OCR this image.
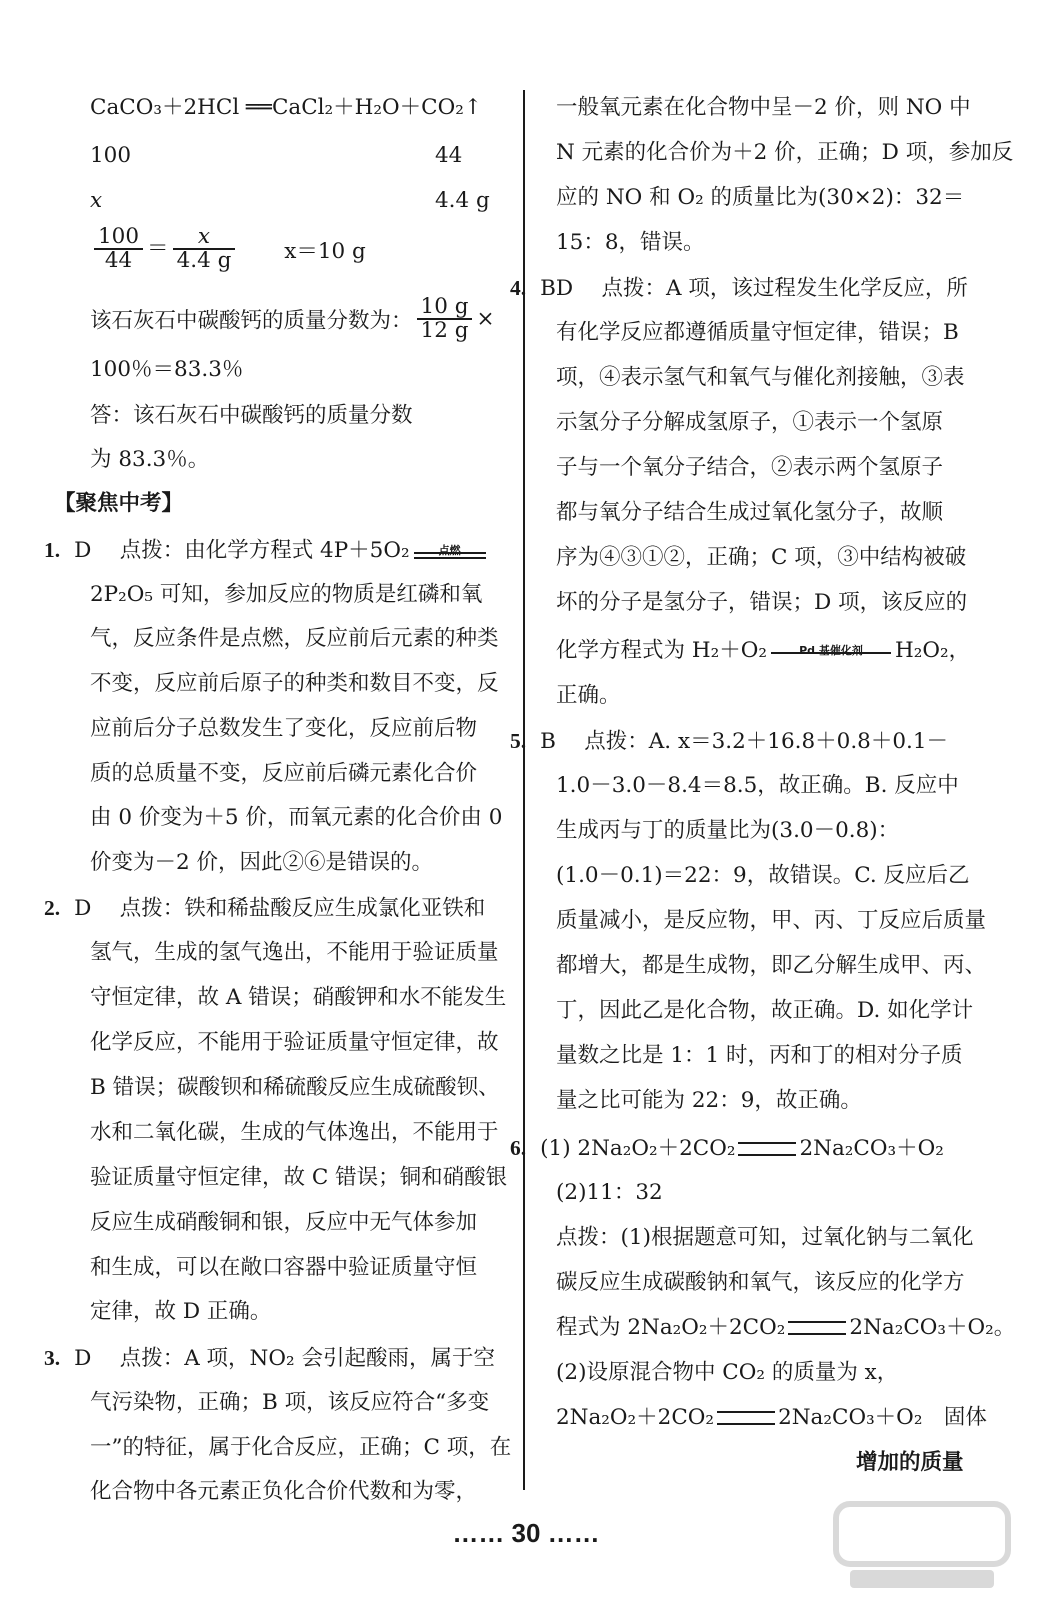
CaCO₃＋2HCl ══CaCl₂＋H₂O＋CO₂↑
100	44
x	4.4 g
$\frac{100}{44} = \frac{x}{4.4 g} x=10$ g
该石灰石中碳酸钙的质量分数为： $\frac{10 g}{12 g}$ ×
100％＝83.3％
答：该石灰石中碳酸钙的质量分数
为 83.3％。
【聚焦中考】
1. D　 点拨：由化学方程式 4P＋5O₂	点燃
2P₂O₅ 可知，参加反应的物质是红磷和氧
气，反应条件是点燃，反应前后元素的种类
不变，反应前后原子的种类和数目不变，反
应前后分子总数发生了变化，反应前后物
质的总质量不变，反应前后磷元素化合价
由 0 价变为＋5 价，而氧元素的化合价由 0
价变为－2 价，因此②⑥是错误的。
2. D　 点拨：铁和稀盐酸反应生成氯化亚铁和
氢气，生成的氢气逸出，不能用于验证质量
守恒定律，故 A 错误；硝酸钾和水不能发生
化学反应，不能用于验证质量守恒定律，故
B 错误；碳酸钡和稀硫酸反应生成硫酸钡、
水和二氧化碳，生成的气体逸出，不能用于
验证质量守恒定律，故 C 错误；铜和硝酸银
反应生成硝酸铜和银，反应中无气体参加
和生成，可以在敞口容器中验证质量守恒
定律，故 D 正确。
3. D　 点拨：A 项，NO₂ 会引起酸雨，属于空
气污染物，正确；B 项，该反应符合“多变
一”的特征，属于化合反应，正确；C 项，在
化合物中各元素正负化合价代数和为零，
一般氧元素在化合物中呈－2 价，则 NO 中
N 元素的化合价为＋2 价，正确；D 项，参加反
应的 NO 和 O₂ 的质量比为(30×2)：32＝
15：8，错误。
4. BD　 点拨：A 项，该过程发生化学反应，所
有化学反应都遵循质量守恒定律，错误；B
项，④表示氢气和氧气与催化剂接触，③表
示氢分子分解成氢原子，①表示一个氢原
子与一个氧分子结合，②表示两个氢原子
都与氧分子结合生成过氧化氢分子，故顺
序为④③①②，正确；C 项，③中结构被破
坏的分子是氢分子，错误；D 项，该反应的
化学方程式为 H₂＋O₂	Pd 基催化剂	H₂O₂，
正确。
5. B　 点拨：A. x＝3.2＋16.8＋0.8＋0.1－
1.0－3.0－8.4＝8.5，故正确。B. 反应中
生成丙与丁的质量比为(3.0－0.8)：
(1.0－0.1)＝22：9，故错误。C. 反应后乙
质量减小，是反应物，甲、丙、丁反应后质量
都增大，都是生成物，即乙分解生成甲、丙、
丁，因此乙是化合物，故正确。D. 如化学计
量数之比是 1：1 时，丙和丁的相对分子质
量之比可能为 22：9，故正确。
6. (1) 2Na₂O₂＋2CO₂	2Na₂CO₃＋O₂
(2)11：32
点拨：(1)根据题意可知，过氧化钠与二氧化
碳反应生成碳酸钠和氧气，该反应的化学方
程式为 2Na₂O₂＋2CO₂	2Na₂CO₃＋O₂。
(2)设原混合物中 CO₂ 的质量为 x，
2Na₂O₂＋2CO₂	2Na₂CO₃＋O₂　固体
增加的质量
…… 30 ……
